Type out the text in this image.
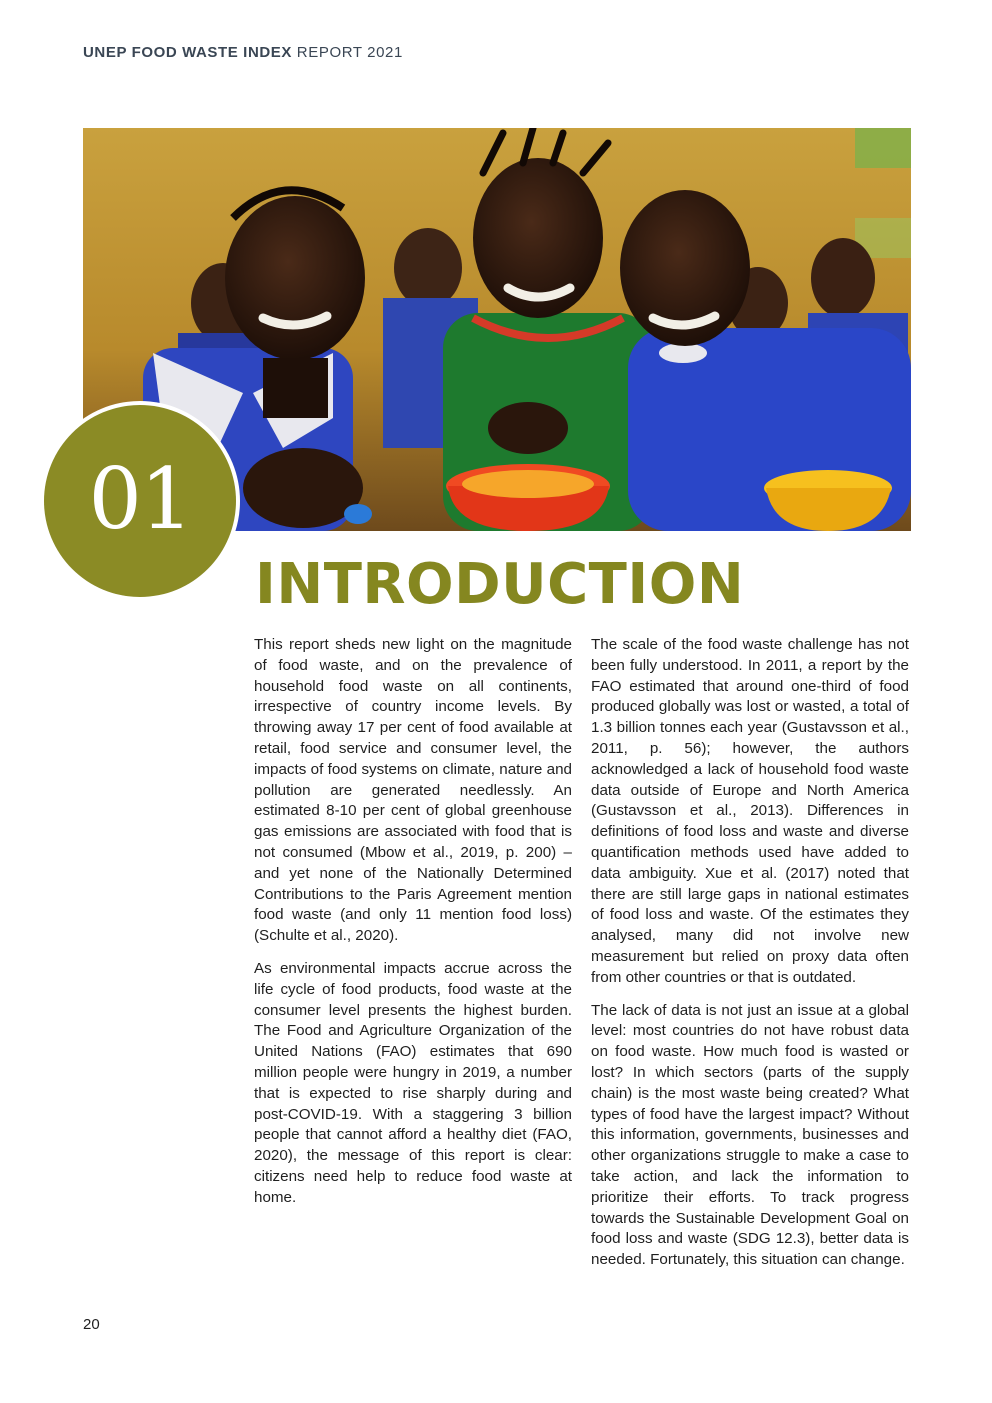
UNEP FOOD WASTE INDEX REPORT 2021
01
INTRODUCTION

This report sheds new light on the magnitude of food waste, and on the prevalence of household food waste on all continents, irrespective of country income levels. By throwing away 17 per cent of food available at retail, food service and consumer level, the impacts of food systems on climate, nature and pollution are generated needlessly. An estimated 8-10 per cent of global greenhouse gas emissions are associated with food that is not consumed (Mbow et al., 2019, p. 200) – and yet none of the Nationally Determined Contributions to the Paris Agreement mention food waste (and only 11 mention food loss) (Schulte et al., 2020).

As environmental impacts accrue across the life cycle of food products, food waste at the consumer level presents the highest burden. The Food and Agriculture Organization of the United Nations (FAO) estimates that 690 million people were hungry in 2019, a number that is expected to rise sharply during and post-COVID-19. With a staggering 3 billion people that cannot afford a healthy diet (FAO, 2020), the message of this report is clear: citizens need help to reduce food waste at home.

The scale of the food waste challenge has not been fully understood. In 2011, a report by the FAO estimated that around one-third of food produced globally was lost or wasted, a total of 1.3 billion tonnes each year (Gustavsson et al., 2011, p. 56); however, the authors acknowledged a lack of household food waste data outside of Europe and North America (Gustavsson et al., 2013). Differences in definitions of food loss and waste and diverse quantification methods used have added to data ambiguity. Xue et al. (2017) noted that there are still large gaps in national estimates of food loss and waste. Of the estimates they analysed, many did not involve new measurement but relied on proxy data often from other countries or that is outdated.

The lack of data is not just an issue at a global level: most countries do not have robust data on food waste. How much food is wasted or lost? In which sectors (parts of the supply chain) is the most waste being created? What types of food have the largest impact? Without this information, governments, businesses and other organizations struggle to make a case to take action, and lack the information to prioritize their efforts. To track progress towards the Sustainable Development Goal on food loss and waste (SDG 12.3), better data is needed. Fortunately, this situation can change.

20
